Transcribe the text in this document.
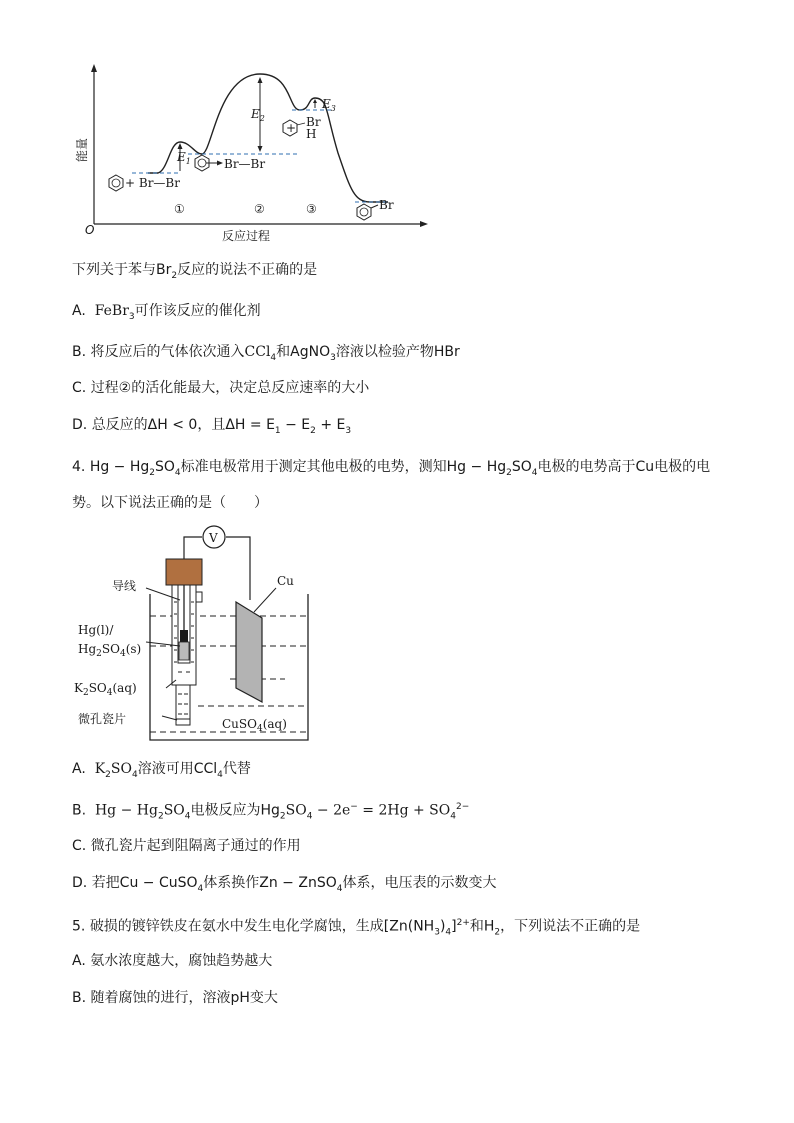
$E_1$
$E_2$
$E_3$
+ Br—Br
Br—Br
+ Br
H
Br
①	②	③
O	反应过程
能量
下列关于苯与$Br_2$反应的说法不正确的是
A. FeBr$_3$可作该反应的催化剂
B. 将反应后的气体依次通入CCl$_4$和AgNO$_3$溶液以检验产物HBr
C. 过程②的活化能最大，决定总反应速率的大小
D. 总反应的ΔH < 0，且$\Delta H = E_1 - E_2 + E_3$
4. $Hg - Hg_2SO_4$标准电极常用于测定其他电极的电势，测知$Hg - Hg_2SO_4$电极的电势高于Cu电极的电
势。以下说法正确的是（　　）
V
Cu
导线
Hg(l)/
$Hg_2SO_4(s)$
$K_2SO_4(aq)$
微孔瓷片	CuSO$_4$(aq)
A. $K_2SO_4$溶液可用CCl$_4$代替
B. $Hg - Hg_2SO_4$电极反应为$Hg_2SO_4 - 2e^- = 2Hg + SO_4^{2-}$
C. 微孔瓷片起到阻隔离子通过的作用
D. 若把Cu − CuSO$_4$体系换作Zn − ZnSO$_4$体系，电压表的示数变大
5. 破损的镀锌铁皮在氨水中发生电化学腐蚀，生成$[Zn(NH_3)_4]^{2+}$和$H_2$，下列说法不正确的是
A. 氨水浓度越大，腐蚀趋势越大
B. 随着腐蚀的进行，溶液pH变大
